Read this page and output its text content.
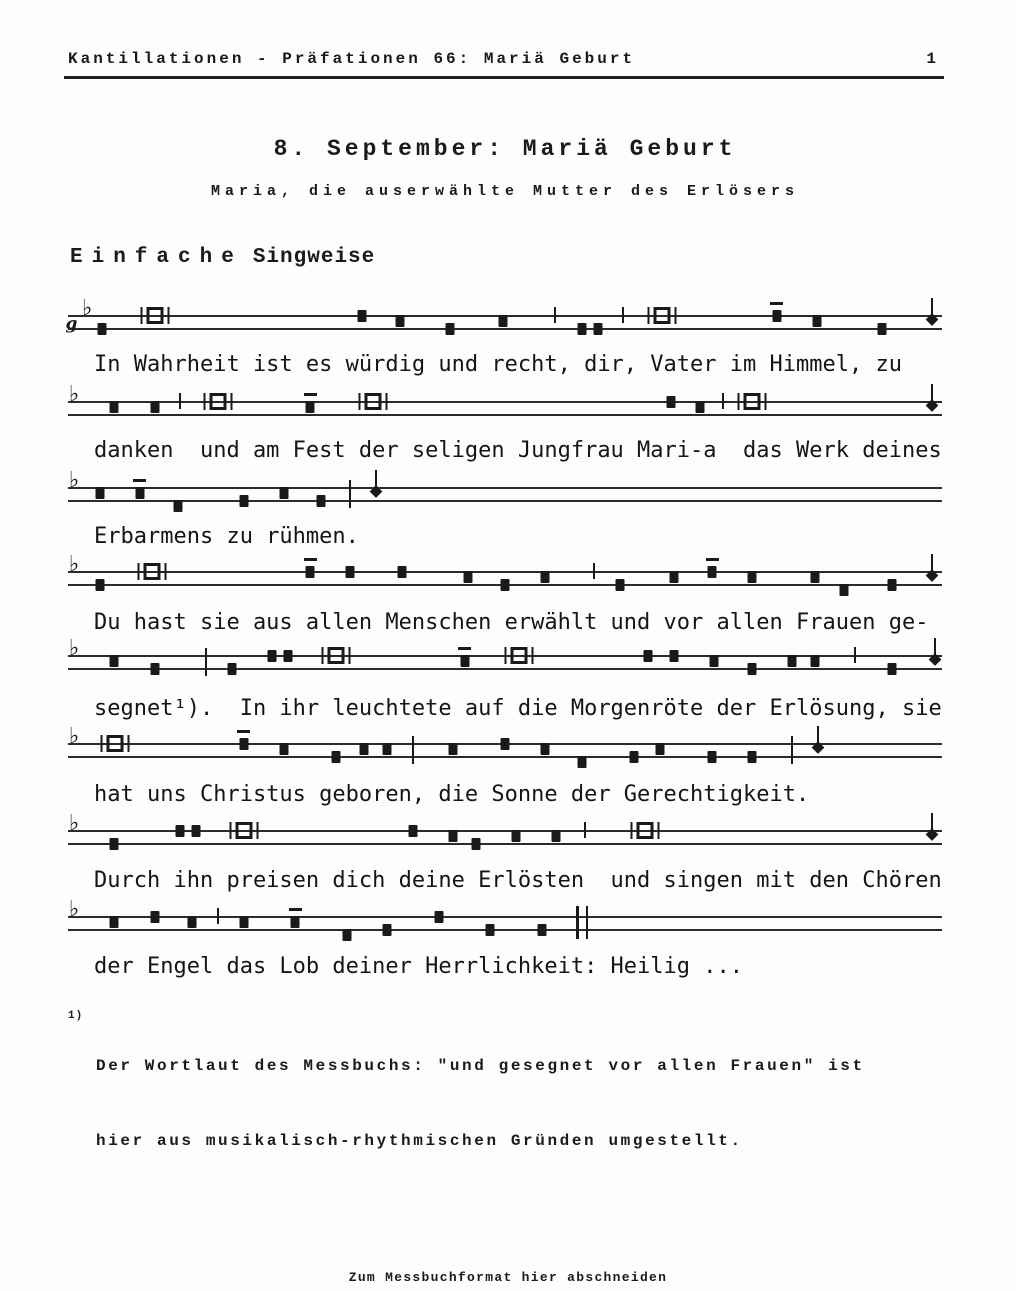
Kantillationen - Präfationen 66: Mariä Geburt	1
8. September: Mariä Geburt
Maria, die auserwählte Mutter des Erlösers
Einfache Singweise
♭
g
In Wahrheit ist es würdig und recht, dir, Vater im Himmel, zu
♭
danken  und am Fest der seligen Jungfrau Mari-a  das Werk deines
♭
Erbarmens zu rühmen.
♭
Du hast sie aus allen Menschen erwählt und vor allen Frauen ge-
♭
segnet¹).  In ihr leuchtete auf die Morgenröte der Erlösung, sie
♭
hat uns Christus geboren, die Sonne der Gerechtigkeit.
♭
Durch ihn preisen dich deine Erlösten  und singen mit den Chören
♭
der Engel das Lob deiner Herrlichkeit: Heilig ...
$^{1)}$

Der Wortlaut des Messbuchs: "und gesegnet vor allen Frauen" ist

hier aus musikalisch-rhythmischen Gründen umgestellt.

Zum Messbuchformat hier abschneiden
